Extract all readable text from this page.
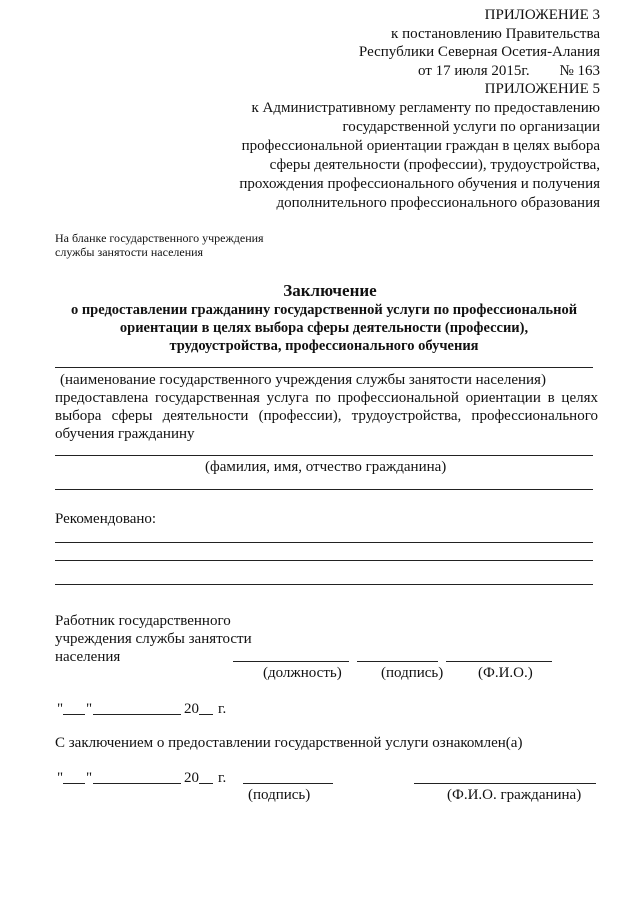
ПРИЛОЖЕНИЕ 3
к постановлению Правительства
Республики Северная Осетия-Алания
от 17 июля 2015г. № 163
ПРИЛОЖЕНИЕ 5
к Административному регламенту по предоставлению
государственной услуги по организации
профессиональной ориентации граждан в целях выбора
сферы деятельности (профессии), трудоустройства,
прохождения профессионального обучения и получения
дополнительного профессионального образования
На бланке государственного учреждения
службы занятости населения
Заключение
о предоставлении гражданину государственной услуги по профессиональной
ориентации в целях выбора сферы деятельности (профессии),
трудоустройства, профессионального обучения
(наименование государственного учреждения службы занятости населения)
предоставлена государственная услуга по профессиональной ориентации в целях
выбора сферы деятельности (профессии), трудоустройства, профессионального
обучения гражданину
(фамилия, имя, отчество гражданина)
Рекомендовано:
Работник государственного
учреждения службы занятости
населения
(должность)	(подпись) (Ф.И.О.)
" "	20 г.
С заключением о предоставлении государственной услуги ознакомлен(а)
" "	20 г.
(подпись)	(Ф.И.О. гражданина)
